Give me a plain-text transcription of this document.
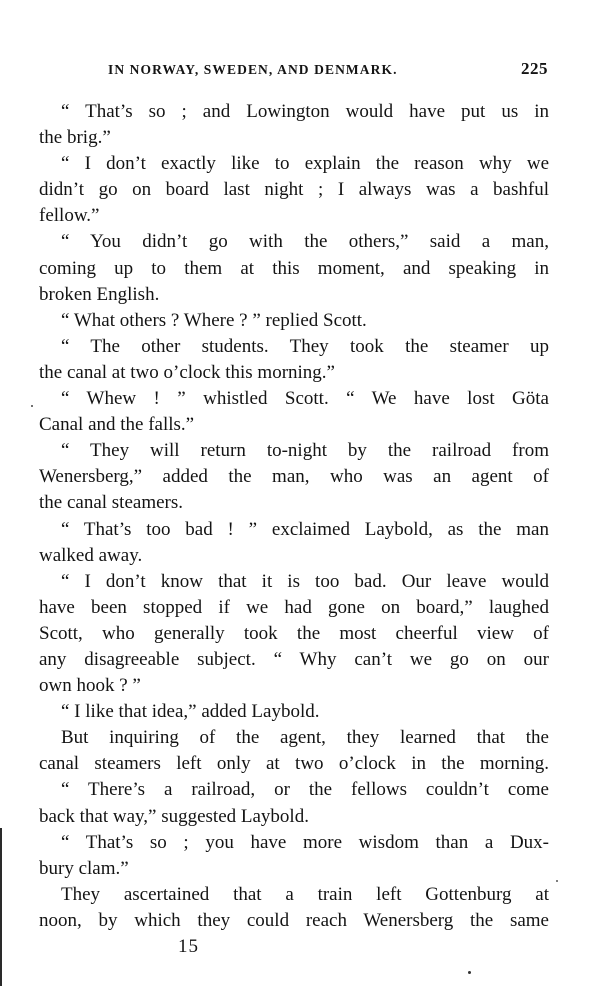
IN NORWAY, SWEDEN, AND DENMARK.	225
“ That’s so ; and Lowington would have put us in
the brig.”
“ I don’t exactly like to explain the reason why we
didn’t go on board last night ; I always was a bashful
fellow.”
“ You didn’t go with the others,” said a man,
coming up to them at this moment, and speaking in
broken English.
“ What others ? Where ? ” replied Scott.
“ The other students. They took the steamer up
the canal at two o’clock this morning.”
“ Whew ! ” whistled Scott. “ We have lost Göta
Canal and the falls.”
“ They will return to-night by the railroad from
Wenersberg,” added the man, who was an agent of
the canal steamers.
“ That’s too bad ! ” exclaimed Laybold, as the man
walked away.
“ I don’t know that it is too bad. Our leave would
have been stopped if we had gone on board,” laughed
Scott, who generally took the most cheerful view of
any disagreeable subject. “ Why can’t we go on our
own hook ? ”
“ I like that idea,” added Laybold.
But inquiring of the agent, they learned that the
canal steamers left only at two o’clock in the morning.
“ There’s a railroad, or the fellows couldn’t come
back that way,” suggested Laybold.
“ That’s so ; you have more wisdom than a Dux-
bury clam.”
They ascertained that a train left Gottenburg at
noon, by which they could reach Wenersberg the same
15
